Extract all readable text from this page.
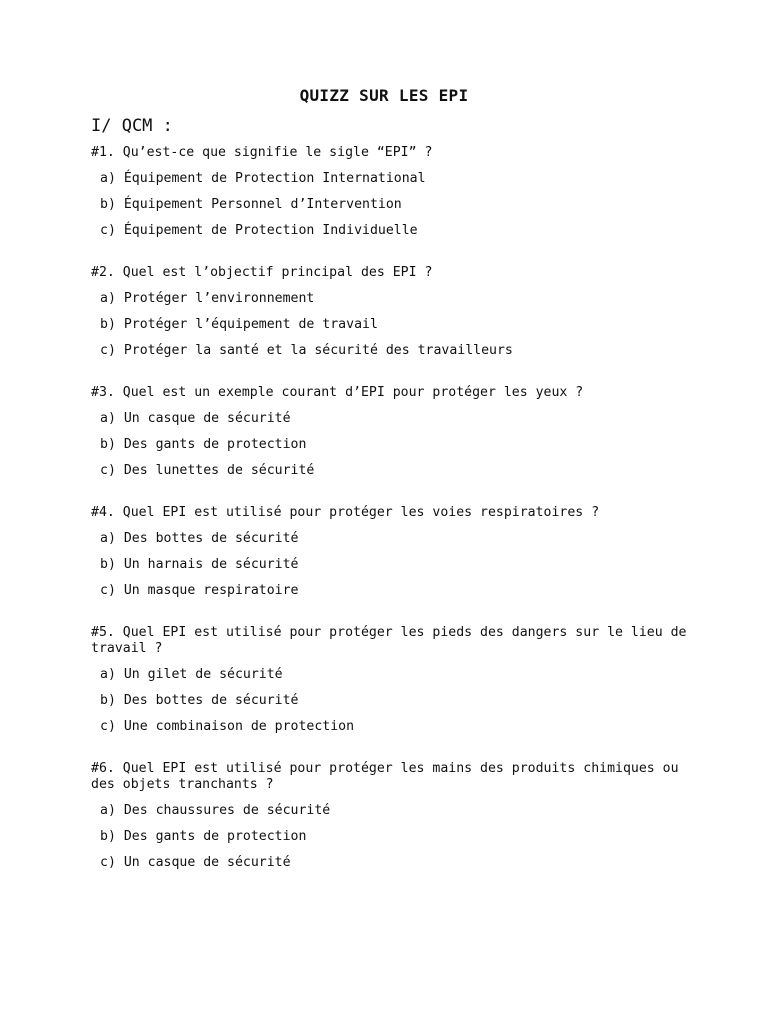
QUIZZ SUR LES EPI
I/ QCM :
#1. Qu’est-ce que signifie le sigle “EPI” ?
a) Équipement de Protection International
b) Équipement Personnel d’Intervention
c) Équipement de Protection Individuelle
#2. Quel est l’objectif principal des EPI ?
a) Protéger l’environnement
b) Protéger l’équipement de travail
c) Protéger la santé et la sécurité des travailleurs
#3. Quel est un exemple courant d’EPI pour protéger les yeux ?
a) Un casque de sécurité
b) Des gants de protection
c) Des lunettes de sécurité
#4. Quel EPI est utilisé pour protéger les voies respiratoires ?
a) Des bottes de sécurité
b) Un harnais de sécurité
c) Un masque respiratoire
#5. Quel EPI est utilisé pour protéger les pieds des dangers sur le lieu de travail ?
a) Un gilet de sécurité
b) Des bottes de sécurité
c) Une combinaison de protection
#6. Quel EPI est utilisé pour protéger les mains des produits chimiques ou des objets tranchants ?
a) Des chaussures de sécurité
b) Des gants de protection
c) Un casque de sécurité
